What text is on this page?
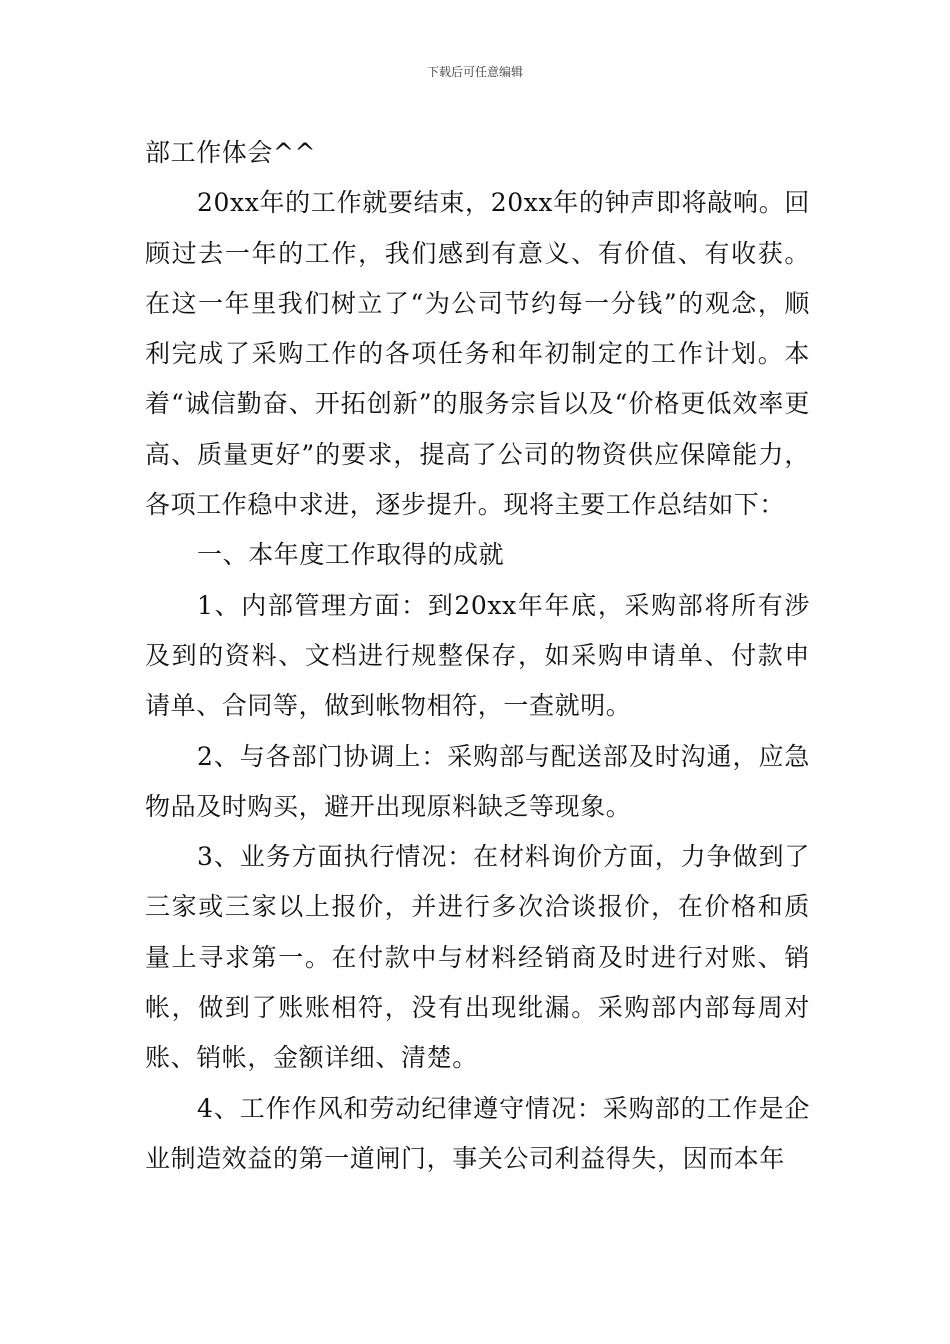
下载后可任意编辑

部工作体会^^

20xx年的工作就要结束，20xx年的钟声即将敲响。回顾过去一年的工作，我们感到有意义、有价值、有收获。在这一年里我们树立了“为公司节约每一分钱”的观念，顺利完成了采购工作的各项任务和年初制定的工作计划。本着“诚信勤奋、开拓创新”的服务宗旨以及“价格更低效率更高、质量更好”的要求，提高了公司的物资供应保障能力，各项工作稳中求进，逐步提升。现将主要工作总结如下：

一、本年度工作取得的成就

1、内部管理方面：到20xx年年底，采购部将所有涉及到的资料、文档进行规整保存，如采购申请单、付款申请单、合同等，做到帐物相符，一查就明。

2、与各部门协调上：采购部与配送部及时沟通，应急物品及时购买，避开出现原料缺乏等现象。

3、业务方面执行情况：在材料询价方面，力争做到了三家或三家以上报价，并进行多次洽谈报价，在价格和质量上寻求第一。在付款中与材料经销商及时进行对账、销帐，做到了账账相符，没有出现纰漏。采购部内部每周对账、销帐，金额详细、清楚。

4、工作作风和劳动纪律遵守情况：采购部的工作是企业制造效益的第一道闸门，事关公司利益得失，因而本年
